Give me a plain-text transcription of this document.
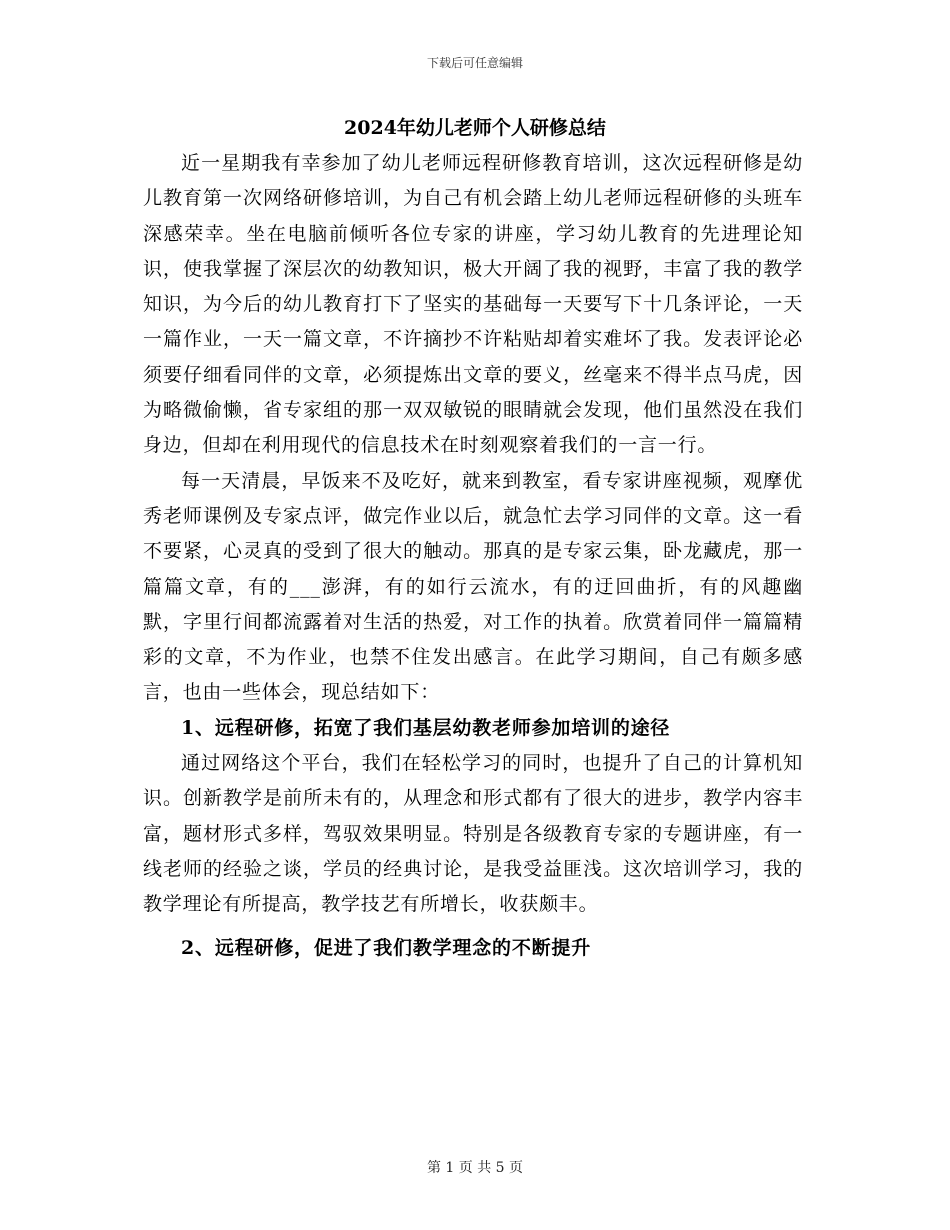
下载后可任意编辑
2024年幼儿老师个人研修总结

近一星期我有幸参加了幼儿老师远程研修教育培训，这次远程研修是幼儿教育第一次网络研修培训，为自己有机会踏上幼儿老师远程研修的头班车深感荣幸。坐在电脑前倾听各位专家的讲座，学习幼儿教育的先进理论知识，使我掌握了深层次的幼教知识，极大开阔了我的视野，丰富了我的教学知识，为今后的幼儿教育打下了坚实的基础每一天要写下十几条评论，一天一篇作业，一天一篇文章，不许摘抄不许粘贴却着实难坏了我。发表评论必须要仔细看同伴的文章，必须提炼出文章的要义，丝毫来不得半点马虎，因为略微偷懒，省专家组的那一双双敏锐的眼睛就会发现，他们虽然没在我们身边，但却在利用现代的信息技术在时刻观察着我们的一言一行。

每一天清晨，早饭来不及吃好，就来到教室，看专家讲座视频，观摩优秀老师课例及专家点评，做完作业以后，就急忙去学习同伴的文章。这一看不要紧，心灵真的受到了很大的触动。那真的是专家云集，卧龙藏虎，那一篇篇文章，有的___澎湃，有的如行云流水，有的迂回曲折，有的风趣幽默，字里行间都流露着对生活的热爱，对工作的执着。欣赏着同伴一篇篇精彩的文章，不为作业，也禁不住发出感言。在此学习期间，自己有颇多感言，也由一些体会，现总结如下：

1、远程研修，拓宽了我们基层幼教老师参加培训的途径

通过网络这个平台，我们在轻松学习的同时，也提升了自己的计算机知识。创新教学是前所未有的，从理念和形式都有了很大的进步，教学内容丰富，题材形式多样，驾驭效果明显。特别是各级教育专家的专题讲座，有一线老师的经验之谈，学员的经典讨论，是我受益匪浅。这次培训学习，我的教学理论有所提高，教学技艺有所增长，收获颇丰。

2、远程研修，促进了我们教学理念的不断提升

第 1 页 共 5 页
